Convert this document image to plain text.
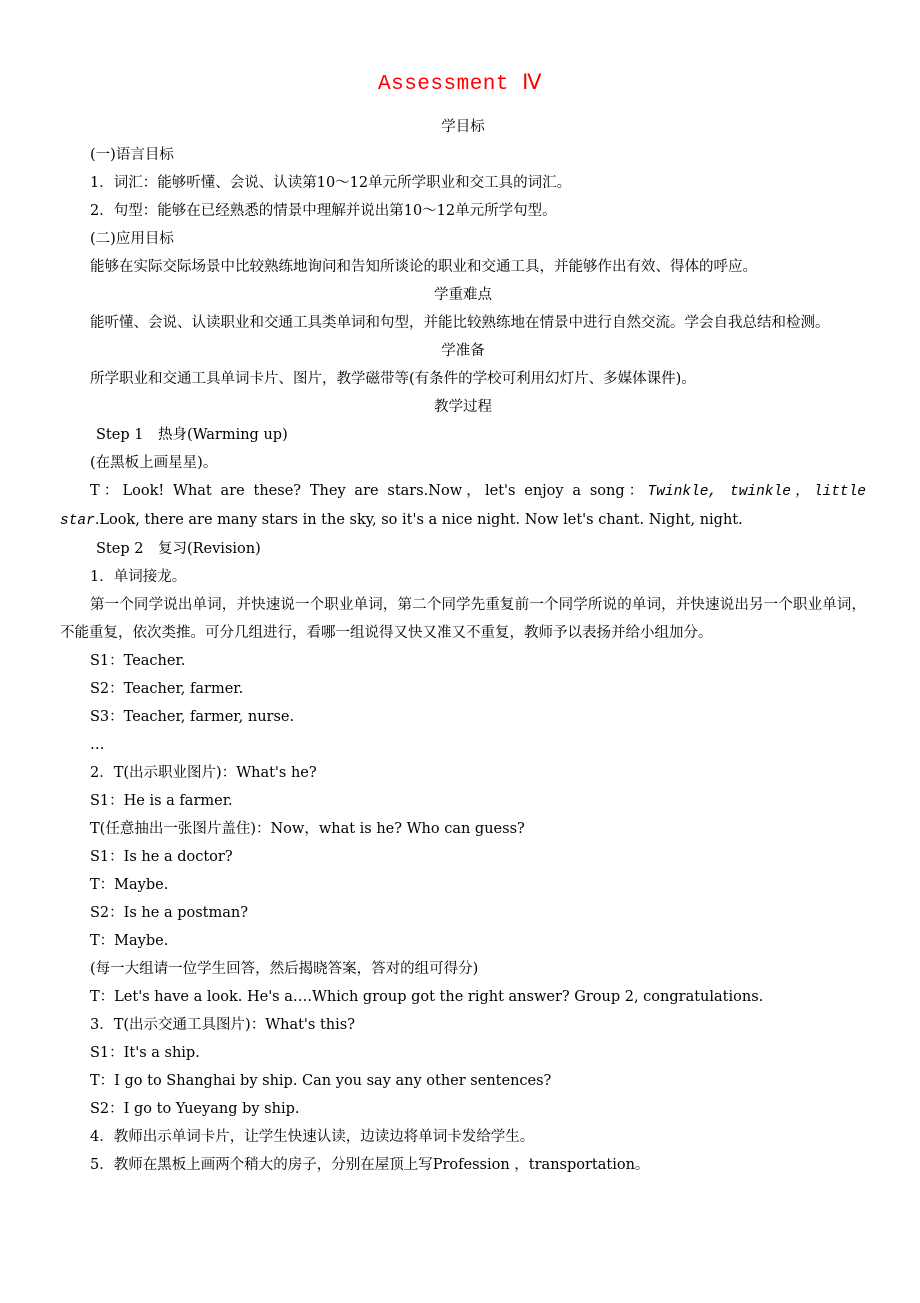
Assessment Ⅳ
学目标
(一)语言目标
1．词汇：能够听懂、会说、认读第10～12单元所学职业和交工具的词汇。
2．句型：能够在已经熟悉的情景中理解并说出第10～12单元所学句型。
(二)应用目标
能够在实际交际场景中比较熟练地询问和告知所谈论的职业和交通工具，并能够作出有效、得体的呼应。
学重难点
能听懂、会说、认读职业和交通工具类单词和句型，并能比较熟练地在情景中进行自然交流。学会自我总结和检测。
学准备
所学职业和交通工具单词卡片、图片，教学磁带等(有条件的学校可利用幻灯片、多媒体课件)。
教学过程
Step 1　热身(Warming up)
(在黑板上画星星)。
T：Look! What are these? They are stars.Now，let's enjoy a song：Twinkle, twinkle，little star.Look, there are many stars in the sky, so it's a nice night. Now let's chant. Night, night.
Step 2　复习(Revision)
1．单词接龙。
第一个同学说出单词，并快速说一个职业单词，第二个同学先重复前一个同学所说的单词，并快速说出另一个职业单词，不能重复，依次类推。可分几组进行，看哪一组说得又快又准又不重复，教师予以表扬并给小组加分。
S1：Teacher.
S2：Teacher, farmer.
S3：Teacher, farmer, nurse.
…
2．T(出示职业图片)：What's he?
S1：He is a farmer.
T(任意抽出一张图片盖住)：Now，what is he? Who can guess?
S1：Is he a doctor?
T：Maybe.
S2：Is he a postman?
T：Maybe.
(每一大组请一位学生回答，然后揭晓答案，答对的组可得分)
T：Let's have a look. He's a….Which group got the right answer? Group 2, congratulations.
3．T(出示交通工具图片)：What's this?
S1：It's a ship.
T：I go to Shanghai by ship. Can you say any other sentences?
S2：I go to Yueyang by ship.
4．教师出示单词卡片，让学生快速认读，边读边将单词卡发给学生。
5．教师在黑板上画两个稍大的房子，分别在屋顶上写Profession ，transportation。
